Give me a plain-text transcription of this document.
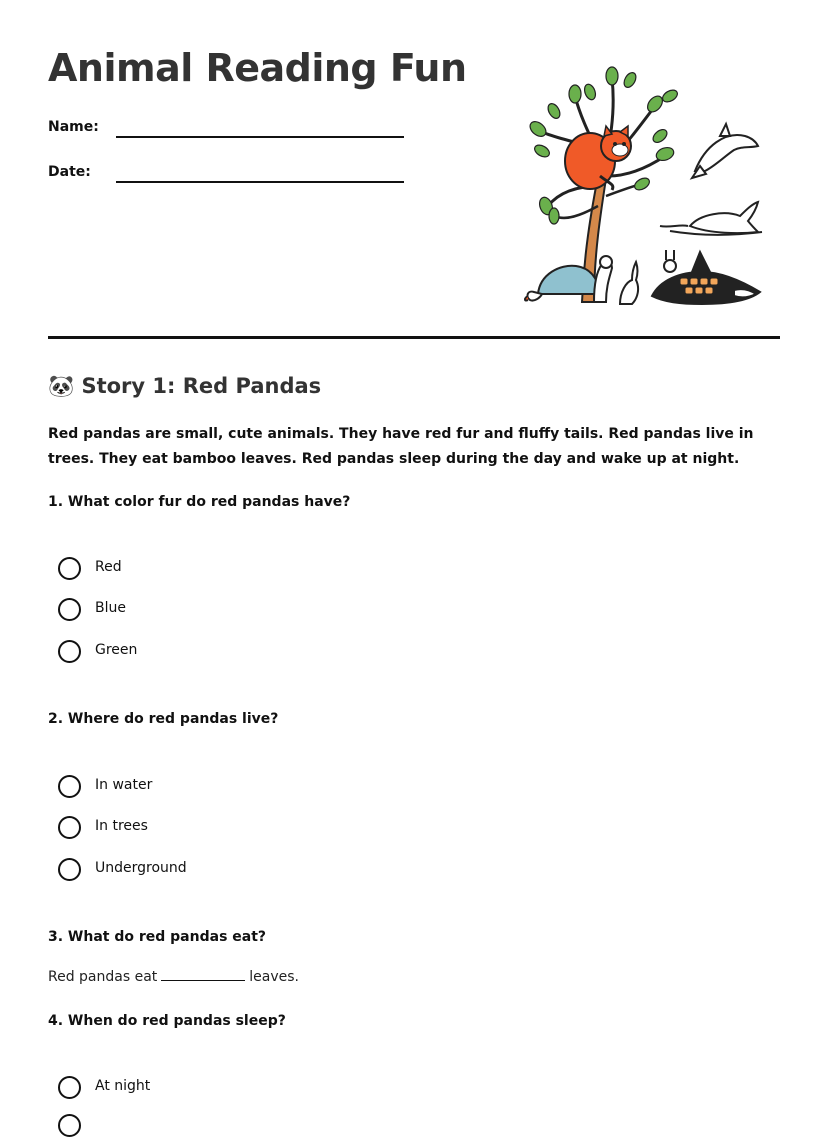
Animal Reading Fun
Name:
Date:
🐼 Story 1: Red Pandas

Red pandas are small, cute animals. They have red fur and fluffy tails. Red pandas live in trees. They eat bamboo leaves. Red pandas sleep during the day and wake up at night.

1. What color fur do red pandas have?

Red
Blue
Green

2. Where do red pandas live?

In water
In trees
Underground

3. What do red pandas eat?

Red pandas eat	leaves.

4. When do red pandas sleep?

At night
